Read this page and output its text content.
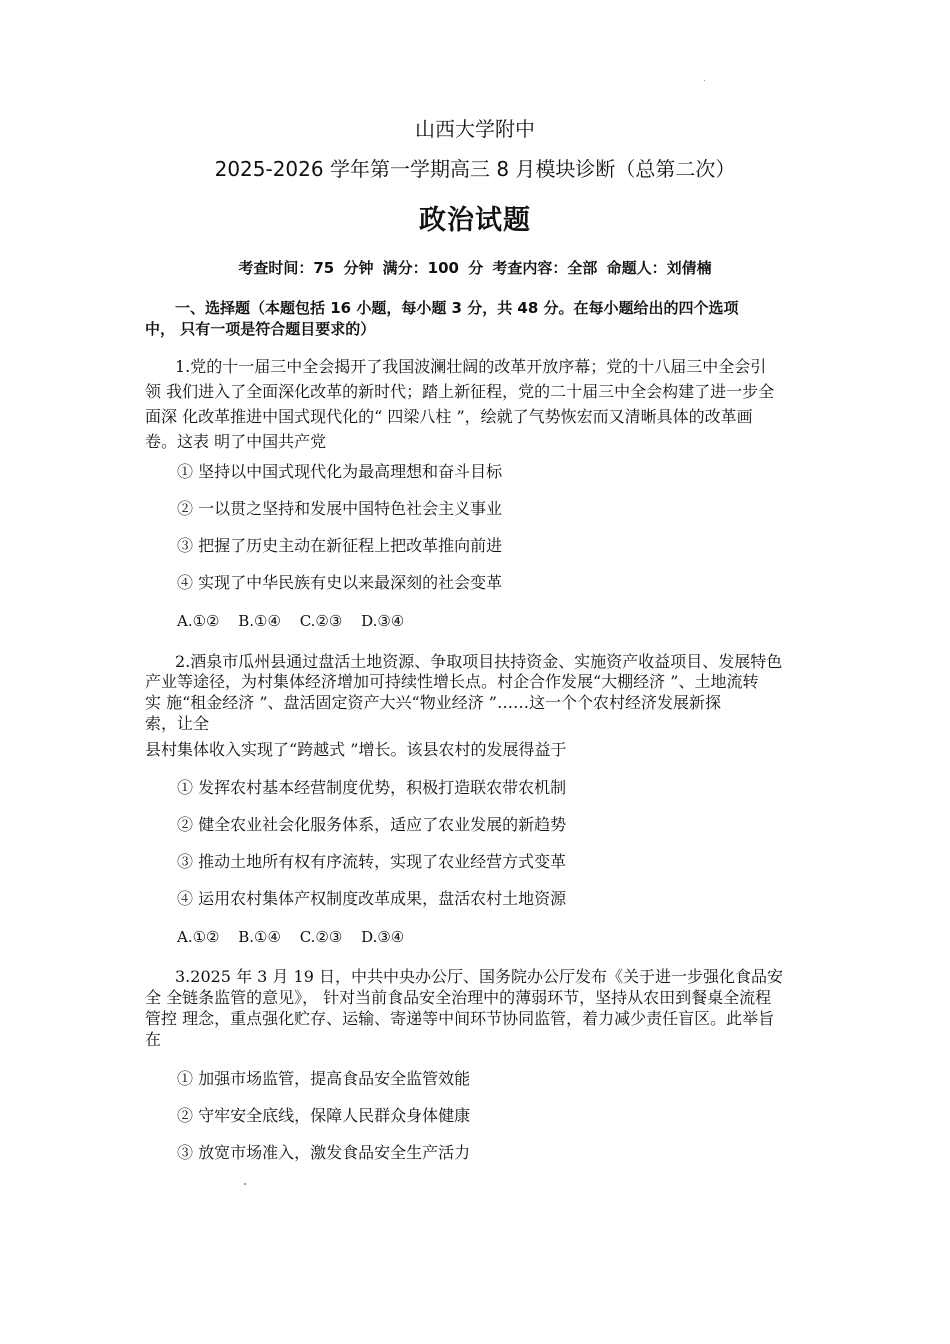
山西大学附中
2025-2026 学年第一学期高三 8 月模块诊断（总第二次）
政治试题
考查时间：75 分钟 满分：100 分 考查内容：全部 命题人：刘倩楠
一、选择题（本题包括 16 小题，每小题 3 分，共 48 分。在每小题给出的四个选项
中， 只有一项是符合题目要求的）
1.党的十一届三中全会揭开了我国波澜壮阔的改革开放序幕；党的十八届三中全会引
领 我们进入了全面深化改革的新时代；踏上新征程，党的二十届三中全会构建了进一步全
面深 化改革推进中国式现代化的“ 四梁八柱 ”，绘就了气势恢宏而又清晰具体的改革画
卷。这表 明了中国共产党
① 坚持以中国式现代化为最高理想和奋斗目标
② 一以贯之坚持和发展中国特色社会主义事业
③ 把握了历史主动在新征程上把改革推向前进
④ 实现了中华民族有史以来最深刻的社会变革
A.①② B.①④ C.②③ D.③④
2.酒泉市瓜州县通过盘活土地资源、争取项目扶持资金、实施资产收益项目、发展特色
产业等途径，为村集体经济增加可持续性增长点。村企合作发展“大棚经济 ”、土地流转
实 施“租金经济 ”、盘活固定资产大兴“物业经济 ”……这一个个农村经济发展新探
索，让全
县村集体收入实现了“跨越式 ”增长。该县农村的发展得益于
① 发挥农村基本经营制度优势，积极打造联农带农机制
② 健全农业社会化服务体系，适应了农业发展的新趋势
③ 推动土地所有权有序流转，实现了农业经营方式变革
④ 运用农村集体产权制度改革成果，盘活农村土地资源
A.①② B.①④ C.②③ D.③④
3.2025 年 3 月 19 日，中共中央办公厅、国务院办公厅发布《关于进一步强化食品安
全 全链条监管的意见》， 针对当前食品安全治理中的薄弱环节，坚持从农田到餐桌全流程
管控 理念，重点强化贮存、运输、寄递等中间环节协同监管，着力减少责任盲区。此举旨
在
① 加强市场监管，提高食品安全监管效能
② 守牢安全底线，保障人民群众身体健康
③ 放宽市场准入，激发食品安全生产活力
